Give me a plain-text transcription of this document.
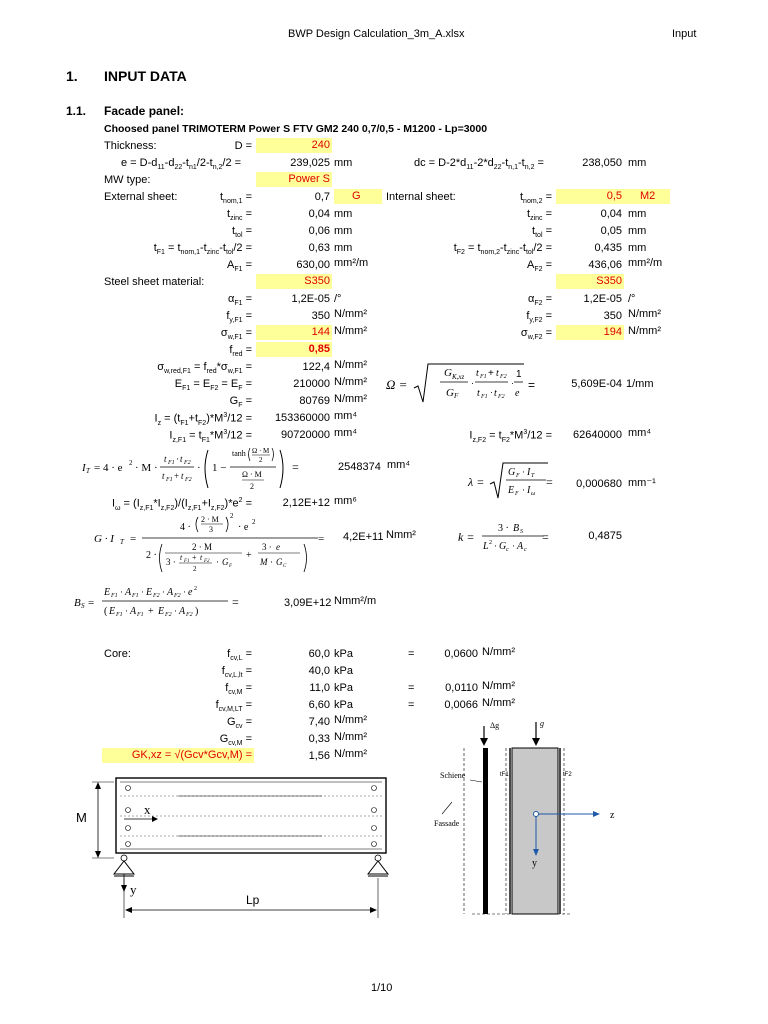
BWP Design Calculation_3m_A.xlsx	Input
1. INPUT DATA
1.1. Facade panel:
Choosed panel TRIMOTERM Power S FTV GM2 240 0,7/0,5 - M1200 - Lp=3000
Thickness:	D =	240
$e = D-d_{11}-d_{22}-t_{n1}/2-t_{n,2}/2$ =	239,025 mm	dc = $D-2*d_{11}-2*d_{22}-t_{n,1}-t_{n,2}$ =	238,050 mm
MW type:	Power S
External sheet:	$t_{nom,1}$ =	0,7	G	Internal sheet:	$t_{nom,2}$ =	0,5	M2
$t_{zinc}$ =	0,04 mm	$t_{zinc}$ =	0,04 mm
$t_{tol}$ =	0,06 mm	$t_{tol}$ =	0,05 mm
$t_{F1} = t_{nom,1}-t_{zinc}-t_{tol}/2$ =	0,63 mm	$t_{F2} = t_{nom,2}-t_{zinc}-t_{tol}/2$ =	0,435 mm
$A_{F1}$ =	630,00 mm²/m	$A_{F2}$ =	436,06 mm²/m
Steel sheet material:	S350	S350
$\alpha_{F1}$ =	1,2E-05 /°	$\alpha_{F2}$ =	1,2E-05 /°
$f_{y,F1}$ =	350 N/mm²	$f_{y,F2}$ =	350 N/mm²
$\sigma_{w,F1}$ =	144 N/mm²	$\sigma_{w,F2}$ =	194 N/mm²
$f_{red}$ =	0,85
$\sigma_{w,red,F1} = f_{red}*\sigma_{w,F1}$ =	122,4 N/mm²
$E_{F1} = E_{F2} = E_F$ =	210000 N/mm²
$G_F$ =	80769 N/mm²
Ω =
G K,xz
G F
·
t F1 + t F2
t F1 · t F2
·
1
e
=	5,609E-04 1/mm
$I_z = (t_{F1}+t_{F2})*M^3/12$ =	153360000 mm⁴
$I_{z,F1} = t_{F1}*M^3/12$ =	90720000 mm⁴	$I_{z,F2} = t_{F2}*M^3/12$ =	62640000 mm⁴
I T = 4 · e 2 · M ·
t F1 · t F2
t F1 + t F2
· 1 −
tanh Ω · M
2
Ω · M
2
=	2548374 mm⁴
λ =
G F · I T
E F · I ω
=	0,000680 mm⁻¹
$I_\omega = (I_{z,F1}*I_{z,F2})/(I_{z,F1}+I_{z,F2})*e^2$ =	2,12E+12 mm⁶
G · I T =
4 ·
2 · M
3
2
· e 2
2 ·
2 · M
3 · t F1 + t F2
2
· G F
+
3 · e
M · G C
= 4,2E+11 Nmm²	k =
3 · B S
L 2 · G c · A c
=	0,4875
B S =
E F1 · A F1 · E F2 · A F2 · e 2
( E F1 · A F1 + E F2 · A F2 )
=	3,09E+12 Nmm²/m
Core:	$f_{cv,L}$ =	60,0 kPa	=	0,0600 N/mm²
$f_{cv,L,lt}$ =	40,0 kPa
$f_{cv,M}$ =	11,0 kPa	=	0,0110 N/mm²
$f_{cv,M,LT}$ =	6,60 kPa	=	0,0066 N/mm²
$G_{cv}$ =	7,40 N/mm²
$G_{cv,M}$ =	0,33 N/mm²
GK,xz = √(Gcv*Gcv,M) =	1,56 N/mm²
M
x
y
Lp
Δg	g
tF1	tF2
Schiene
Fassade
z
y
1/10
